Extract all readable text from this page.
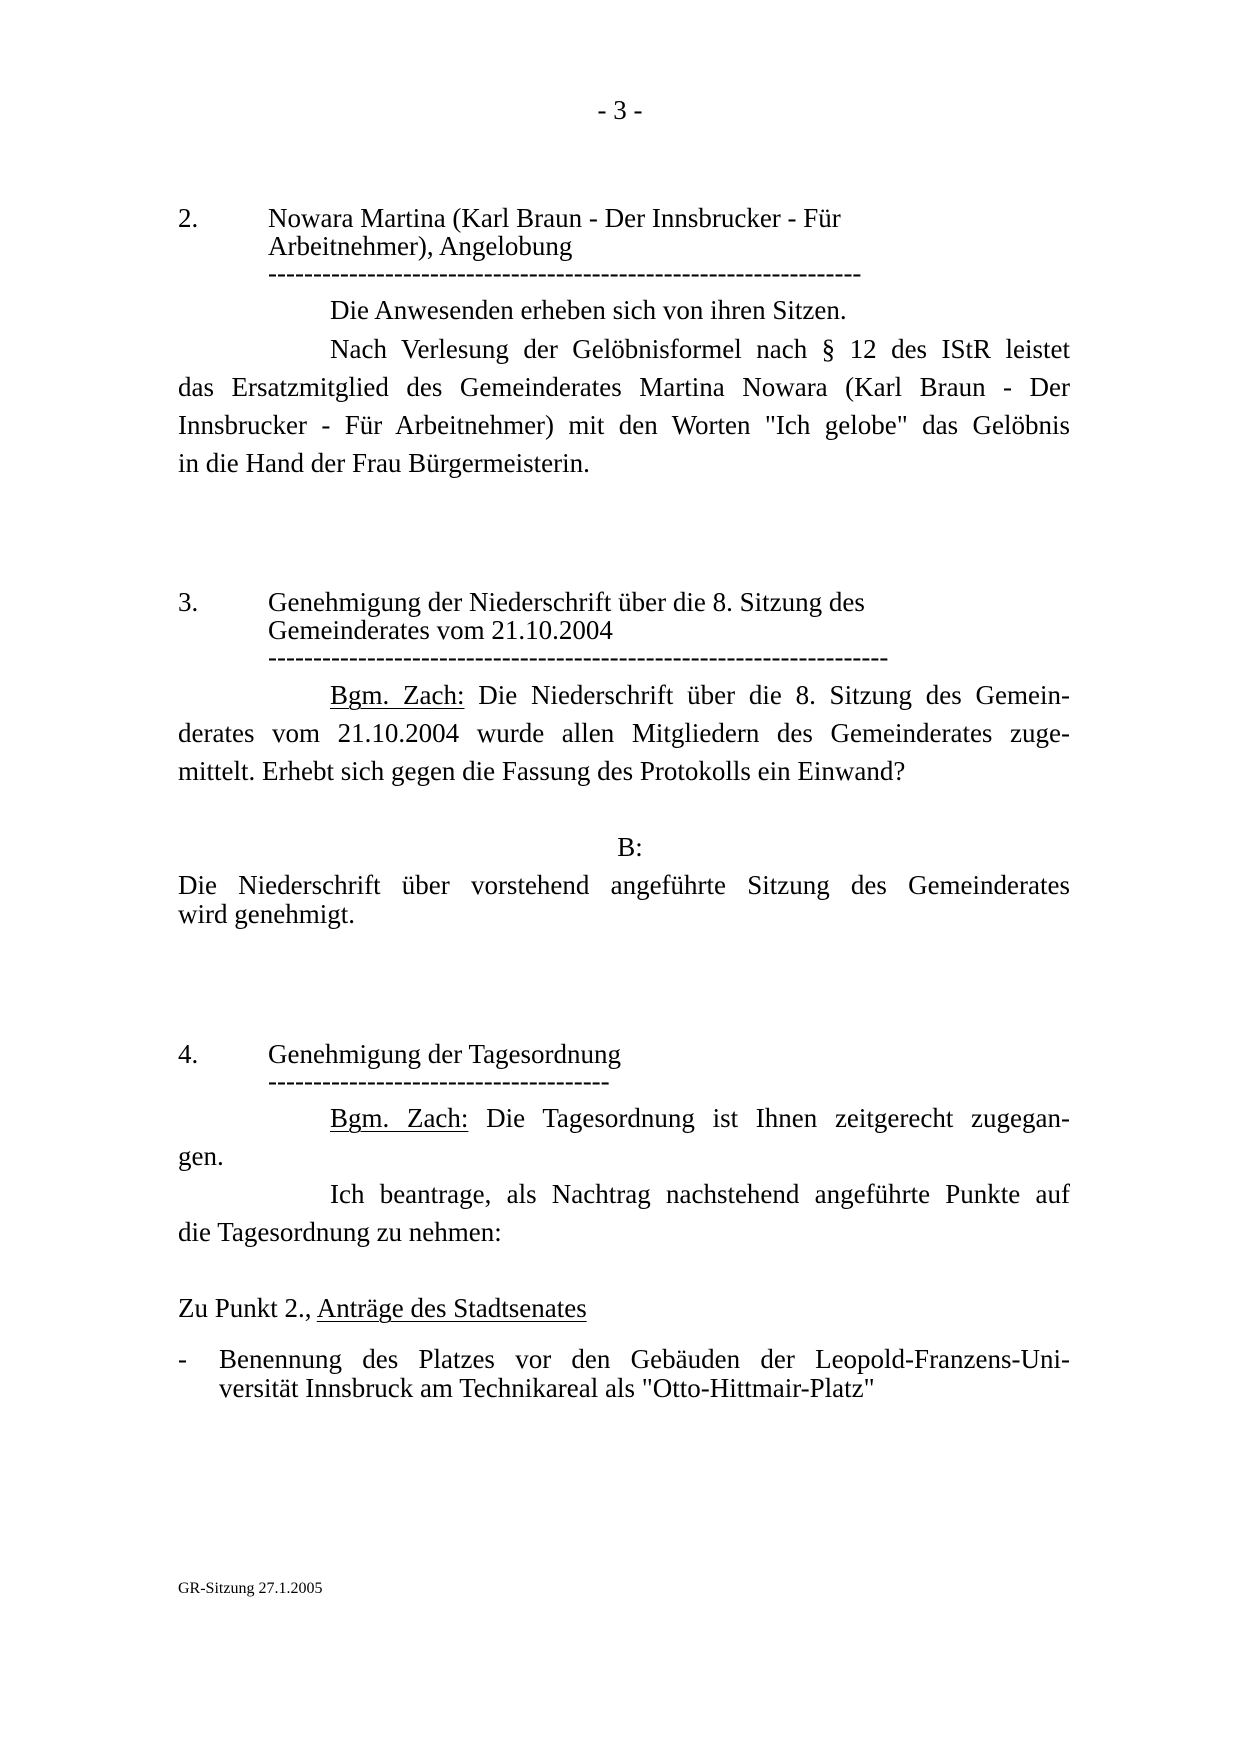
- 3 -
2.	Nowara Martina (Karl Braun - Der Innsbrucker - Für
Arbeitnehmer), Angelobung
------------------------------------------------------------------
Die Anwesenden erheben sich von ihren Sitzen.
Nach Verlesung der Gelöbnisformel nach § 12 des IStR leistet
das Ersatzmitglied des Gemeinderates Martina Nowara (Karl Braun - Der
Innsbrucker - Für Arbeitnehmer) mit den Worten "Ich gelobe" das Gelöbnis
in die Hand der Frau Bürgermeisterin.
3.	Genehmigung der Niederschrift über die 8. Sitzung des
Gemeinderates vom 21.10.2004
---------------------------------------------------------------------
Bgm. Zach: Die Niederschrift über die 8. Sitzung des Gemein-
derates vom 21.10.2004 wurde allen Mitgliedern des Gemeinderates zuge-
mittelt. Erhebt sich gegen die Fassung des Protokolls ein Einwand?
B:
Die Niederschrift über vorstehend angeführte Sitzung des Gemeinderates
wird genehmigt.
4.	Genehmigung der Tagesordnung
--------------------------------------
Bgm. Zach: Die Tagesordnung ist Ihnen zeitgerecht zugegan-
gen.
Ich beantrage, als Nachtrag nachstehend angeführte Punkte auf
die Tagesordnung zu nehmen:
Zu Punkt 2., Anträge des Stadtsenates
- Benennung des Platzes vor den Gebäuden der Leopold-Franzens-Uni-
versität Innsbruck am Technikareal als "Otto-Hittmair-Platz"
GR-Sitzung 27.1.2005
